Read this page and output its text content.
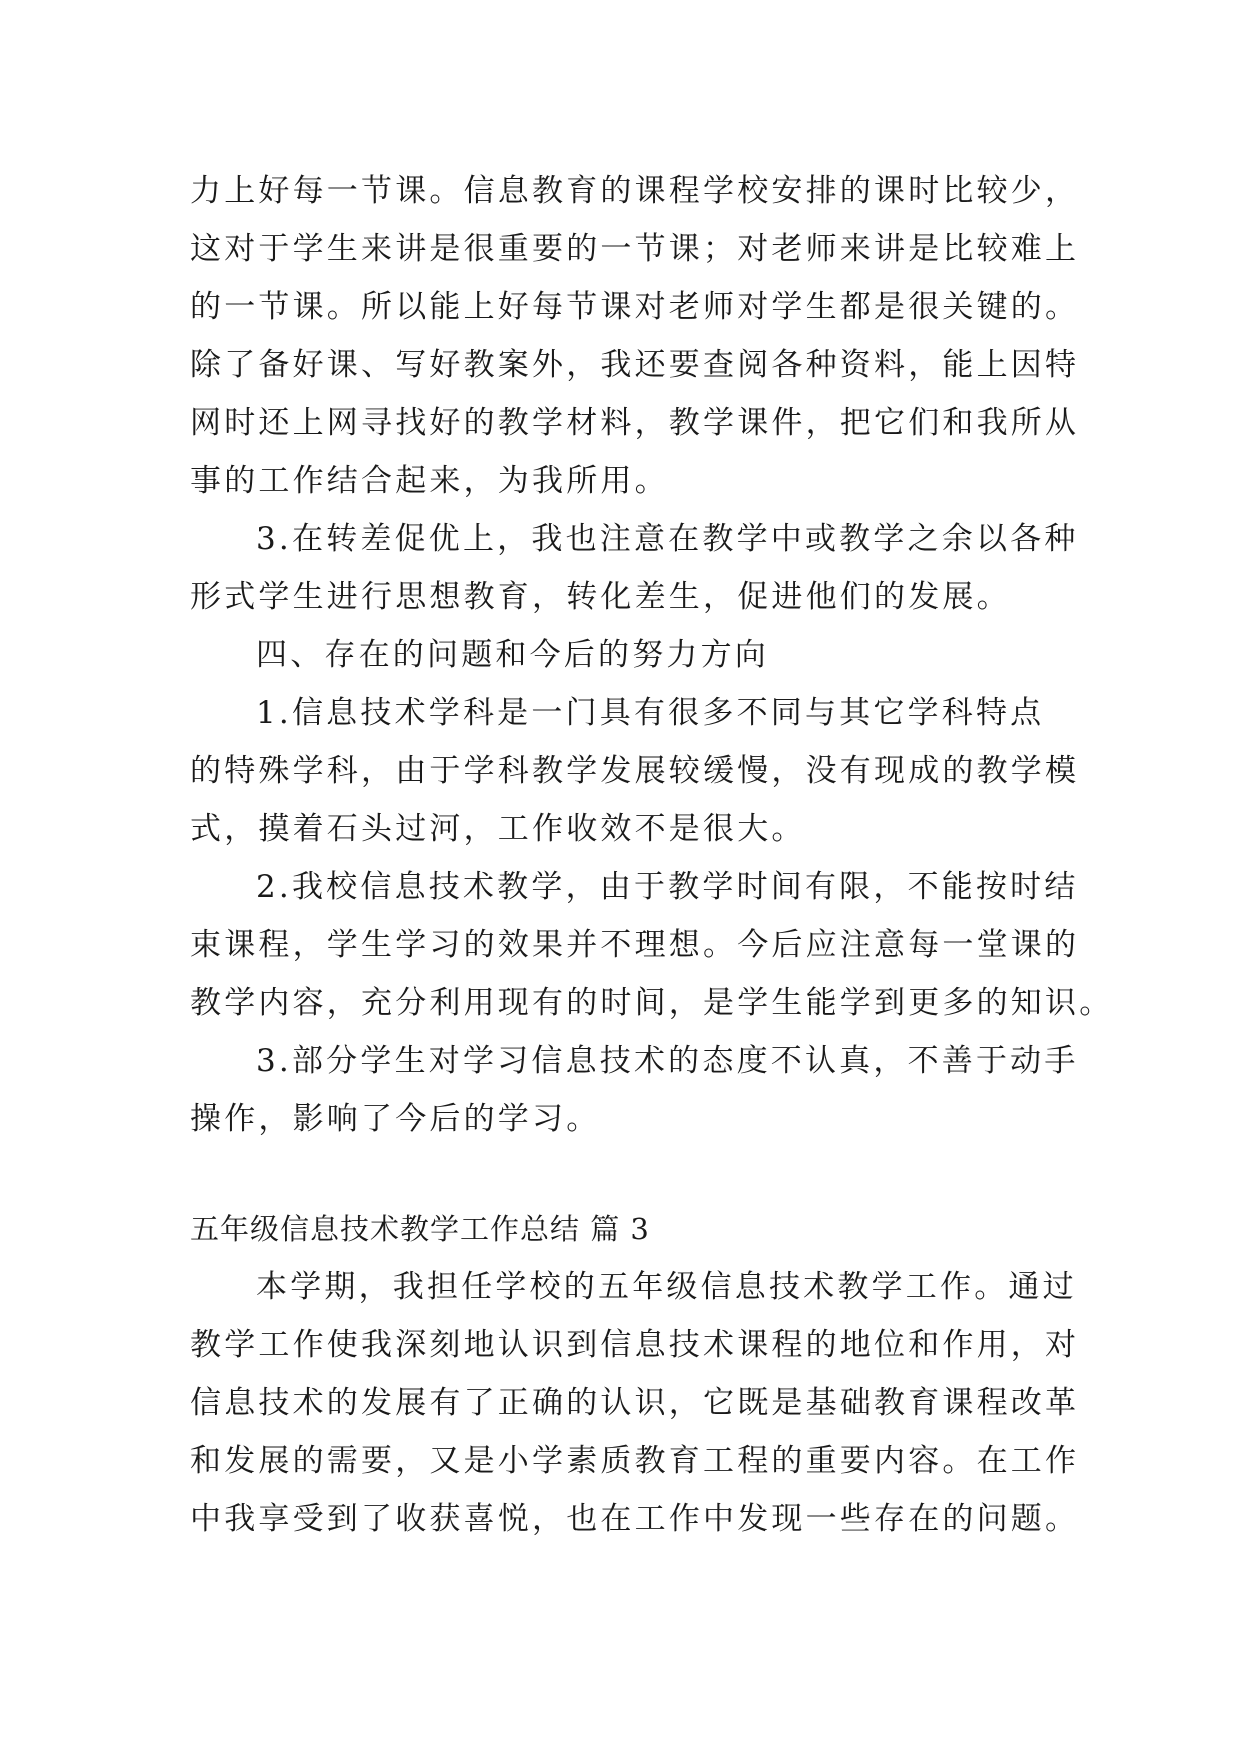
力上好每一节课。信息教育的课程学校安排的课时比较少，
这对于学生来讲是很重要的一节课；对老师来讲是比较难上
的一节课。所以能上好每节课对老师对学生都是很关键的。
除了备好课、写好教案外，我还要查阅各种资料，能上因特
网时还上网寻找好的教学材料，教学课件，把它们和我所从
事的工作结合起来，为我所用。
3.在转差促优上，我也注意在教学中或教学之余以各种
形式学生进行思想教育，转化差生，促进他们的发展。
四、存在的问题和今后的努力方向
1.信息技术学科是一门具有很多不同与其它学科特点
的特殊学科，由于学科教学发展较缓慢，没有现成的教学模
式，摸着石头过河，工作收效不是很大。
2.我校信息技术教学，由于教学时间有限，不能按时结
束课程，学生学习的效果并不理想。今后应注意每一堂课的
教学内容，充分利用现有的时间，是学生能学到更多的知识。
3.部分学生对学习信息技术的态度不认真，不善于动手
操作，影响了今后的学习。
五年级信息技术教学工作总结 篇 3
本学期，我担任学校的五年级信息技术教学工作。通过
教学工作使我深刻地认识到信息技术课程的地位和作用，对
信息技术的发展有了正确的认识，它既是基础教育课程改革
和发展的需要，又是小学素质教育工程的重要内容。在工作
中我享受到了收获喜悦，也在工作中发现一些存在的问题。
